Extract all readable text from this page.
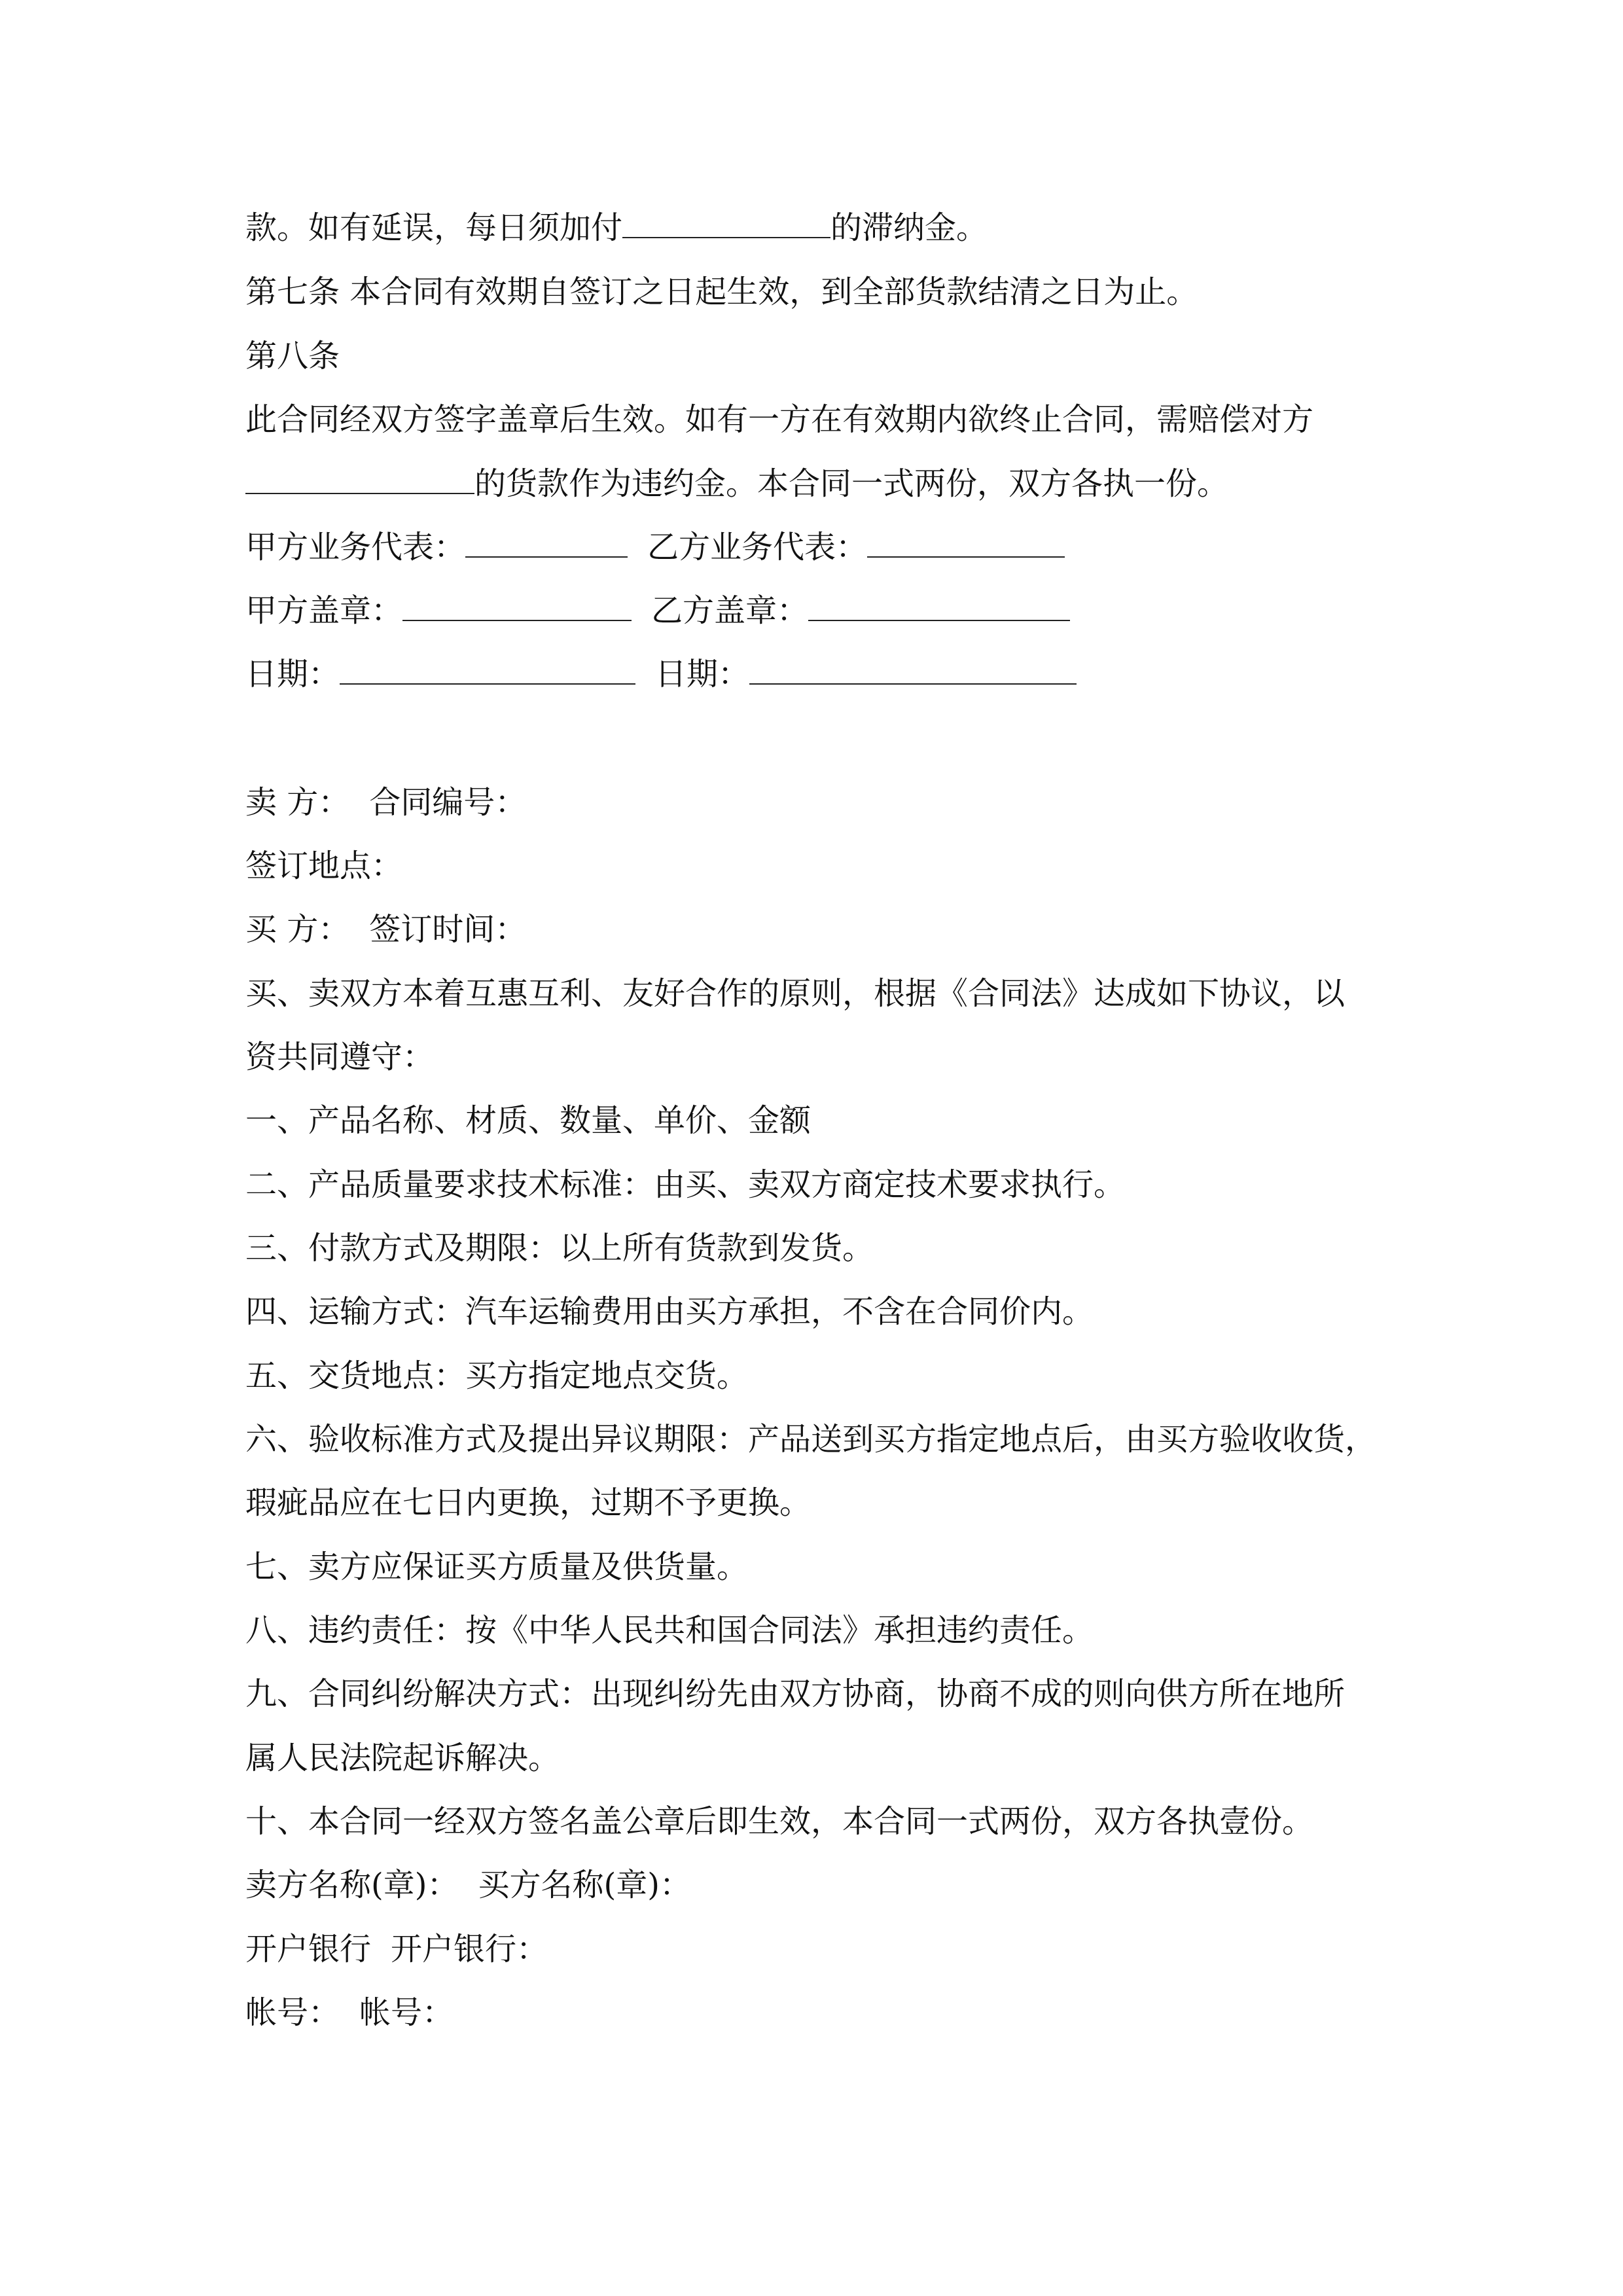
款。如有延误，每日须加付	的滞纳金。
第七条 本合同有效期自签订之日起生效，到全部货款结清之日为止。
第八条
此合同经双方签字盖章后生效。如有一方在有效期内欲终止合同，需赔偿对方
的货款作为违约金。本合同一式两份，双方各执一份。
甲方业务代表：	乙方业务代表：
甲方盖章：	乙方盖章：
日期：	日期：
卖 方： 合同编号：
签订地点：
买 方： 签订时间：
买、卖双方本着互惠互利、友好合作的原则，根据《合同法》达成如下协议，以
资共同遵守：
一、产品名称、材质、数量、单价、金额
二、产品质量要求技术标准：由买、卖双方商定技术要求执行。
三、付款方式及期限：以上所有货款到发货。
四、运输方式：汽车运输费用由买方承担，不含在合同价内。
五、交货地点：买方指定地点交货。
六、验收标准方式及提出异议期限：产品送到买方指定地点后，由买方验收收货，
瑕疵品应在七日内更换，过期不予更换。
七、卖方应保证买方质量及供货量。
八、违约责任：按《中华人民共和国合同法》承担违约责任。
九、合同纠纷解决方式：出现纠纷先由双方协商，协商不成的则向供方所在地所
属人民法院起诉解决。
十、本合同一经双方签名盖公章后即生效，本合同一式两份，双方各执壹份。
卖方名称(章)： 买方名称(章)：
开户银行 开户银行：
帐号： 帐号：
